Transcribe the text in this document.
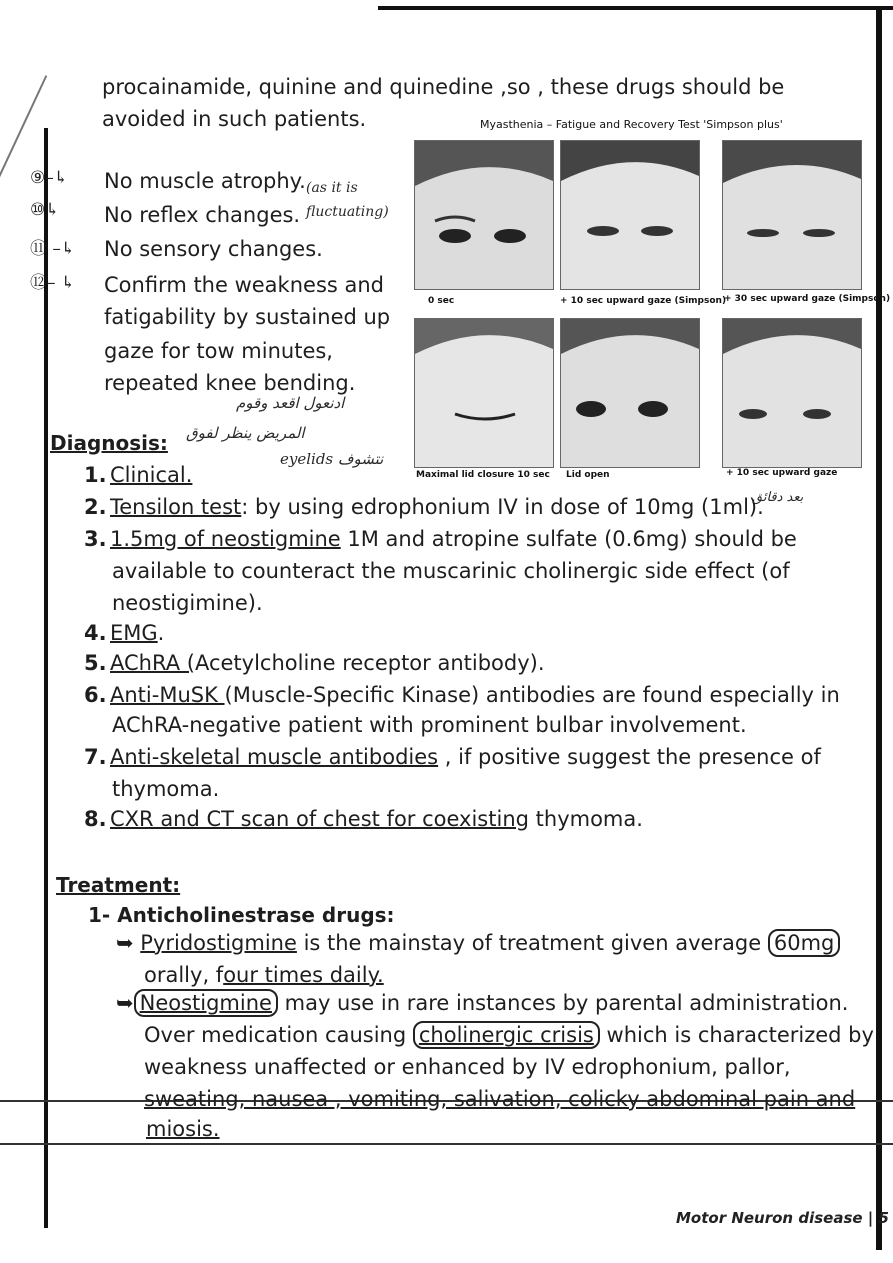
procainamide, quinine and quinedine ,so , these drugs should be
avoided in such patients.	Myasthenia – Fatigue and Recovery Test 'Simpson plus'
0 sec	+ 10 sec upward gaze (Simpson)
+ 30 sec upward gaze (Simpson)
Maximal lid closure 10 sec Lid open	+ 10 sec upward gaze
⑨–↳ No muscle atrophy.
⑩↳ No reflex changes.
⑪ –↳ No sensory changes.
⑫– ↳ Confirm the weakness and
fatigability by sustained up
gaze for tow minutes,
repeated knee bending.
(as it is fluctuating)
ادنعول اقعد وقوم
المريض ينظر لفوق
eyelids نتشوف
بعد دقائق
Diagnosis:
1. Clinical.
2. Tensilon test: by using edrophonium IV in dose of 10mg (1ml).
3. 1.5mg of neostigmine 1M and atropine sulfate (0.6mg) should be
available to counteract the muscarinic cholinergic side effect (of
neostigimine).
4. EMG.
5. AChRA (Acetylcholine receptor antibody).
6. Anti-MuSK (Muscle-Specific Kinase) antibodies are found especially in
AChRA-negative patient with prominent bulbar involvement.
7. Anti-skeletal muscle antibodies , if positive suggest the presence of
thymoma.
8. CXR and CT scan of chest for coexisting thymoma.
Treatment:
1- Anticholinestrase drugs:
➥ Pyridostigmine is the mainstay of treatment given average 60mg
orally, four times daily.
➥ Neostigmine may use in rare instances by parental administration.
Over medication causing cholinergic crisis which is characterized by
weakness unaffected or enhanced by IV edrophonium, pallor,
sweating, nausea , vomiting, salivation, colicky abdominal pain and
miosis.
Motor Neuron disease | 5
